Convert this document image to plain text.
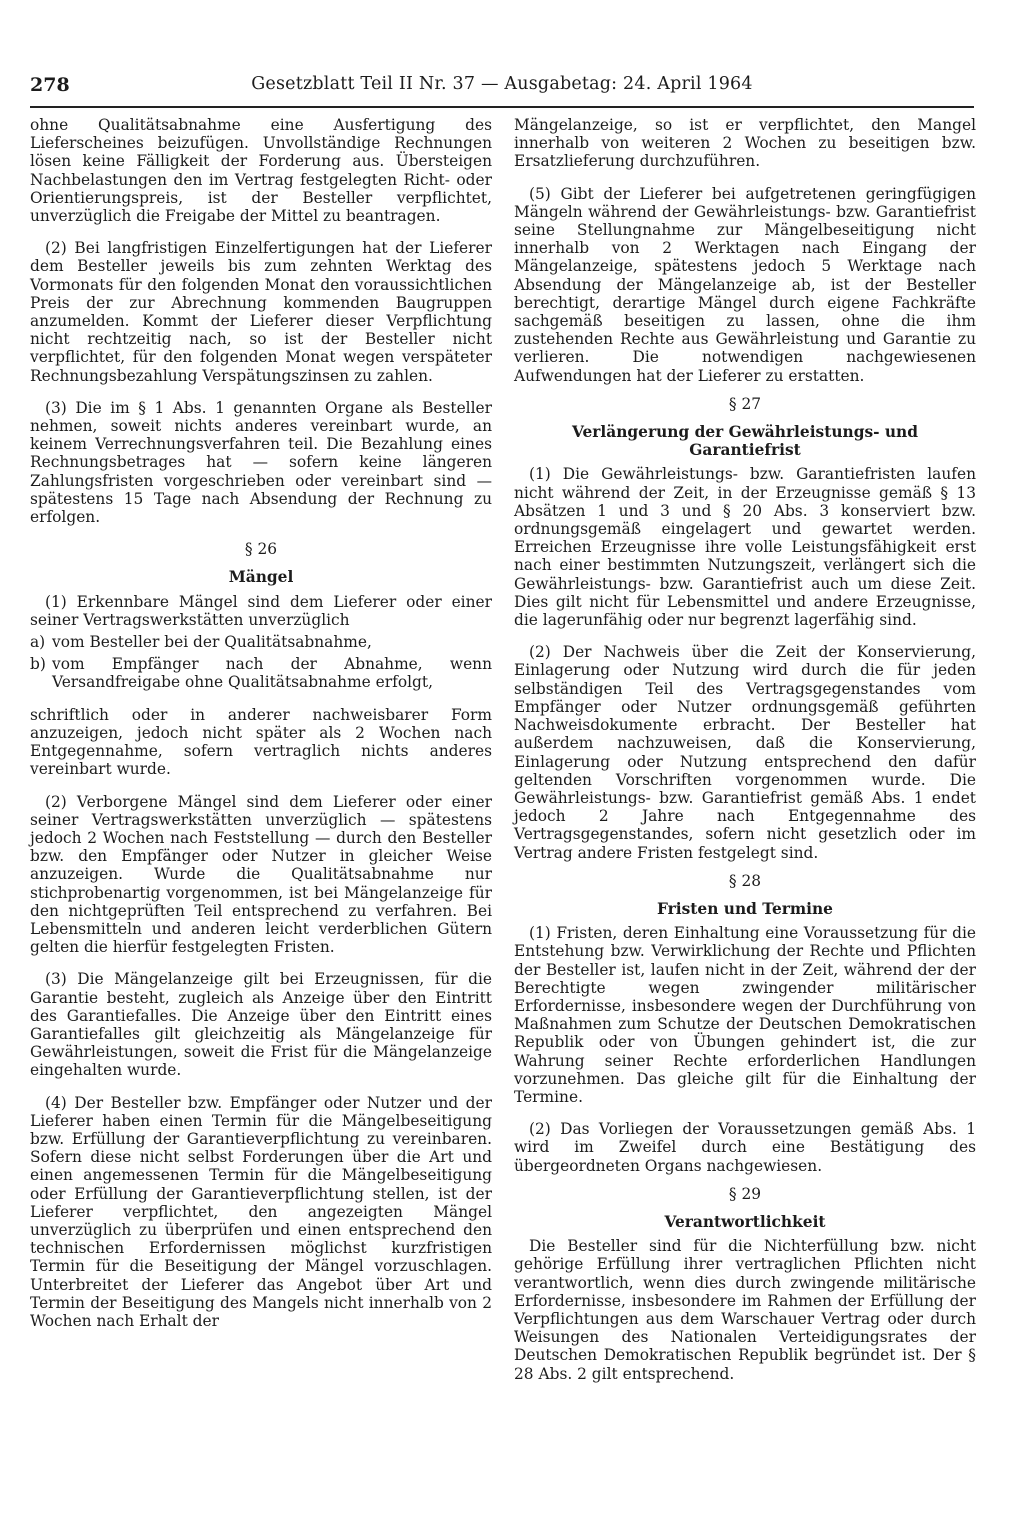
278	Gesetzblatt Teil II Nr. 37 — Ausgabetag: 24. April 1964

ohne Qualitätsabnahme eine Ausfertigung des Lieferscheines beizufügen. Unvollständige Rechnungen lösen keine Fälligkeit der Forderung aus. Übersteigen Nachbelastungen den im Vertrag festgelegten Richt- oder Orientierungspreis, ist der Besteller verpflichtet, unverzüglich die Freigabe der Mittel zu beantragen.

(2) Bei langfristigen Einzelfertigungen hat der Lieferer dem Besteller jeweils bis zum zehnten Werktag des Vormonats für den folgenden Monat den voraussichtlichen Preis der zur Abrechnung kommenden Baugruppen anzumelden. Kommt der Lieferer dieser Verpflichtung nicht rechtzeitig nach, so ist der Besteller nicht verpflichtet, für den folgenden Monat wegen verspäteter Rechnungsbezahlung Verspätungszinsen zu zahlen.

(3) Die im § 1 Abs. 1 genannten Organe als Besteller nehmen, soweit nichts anderes vereinbart wurde, an keinem Verrechnungsverfahren teil. Die Bezahlung eines Rechnungsbetrages hat — sofern keine längeren Zahlungsfristen vorgeschrieben oder vereinbart sind — spätestens 15 Tage nach Absendung der Rechnung zu erfolgen.

§ 26

Mängel

(1) Erkennbare Mängel sind dem Lieferer oder einer seiner Vertragswerkstätten unverzüglich

a) vom Besteller bei der Qualitätsabnahme,
b) vom Empfänger nach der Abnahme, wenn Versandfreigabe ohne Qualitätsabnahme erfolgt,

schriftlich oder in anderer nachweisbarer Form anzuzeigen, jedoch nicht später als 2 Wochen nach Entgegennahme, sofern vertraglich nichts anderes vereinbart wurde.

(2) Verborgene Mängel sind dem Lieferer oder einer seiner Vertragswerkstätten unverzüglich — spätestens jedoch 2 Wochen nach Feststellung — durch den Besteller bzw. den Empfänger oder Nutzer in gleicher Weise anzuzeigen. Wurde die Qualitätsabnahme nur stichprobenartig vorgenommen, ist bei Mängelanzeige für den nichtgeprüften Teil entsprechend zu verfahren. Bei Lebensmitteln und anderen leicht verderblichen Gütern gelten die hierfür festgelegten Fristen.

(3) Die Mängelanzeige gilt bei Erzeugnissen, für die Garantie besteht, zugleich als Anzeige über den Eintritt des Garantiefalles. Die Anzeige über den Eintritt eines Garantiefalles gilt gleichzeitig als Mängelanzeige für Gewährleistungen, soweit die Frist für die Mängelanzeige eingehalten wurde.

(4) Der Besteller bzw. Empfänger oder Nutzer und der Lieferer haben einen Termin für die Mängelbeseitigung bzw. Erfüllung der Garantieverpflichtung zu vereinbaren. Sofern diese nicht selbst Forderungen über die Art und einen angemessenen Termin für die Mängelbeseitigung oder Erfüllung der Garantieverpflichtung stellen, ist der Lieferer verpflichtet, den angezeigten Mängel unverzüglich zu überprüfen und einen entsprechend den technischen Erfordernissen möglichst kurzfristigen Termin für die Beseitigung der Mängel vorzuschlagen. Unterbreitet der Lieferer das Angebot über Art und Termin der Beseitigung des Mangels nicht innerhalb von 2 Wochen nach Erhalt der

Mängelanzeige, so ist er verpflichtet, den Mangel innerhalb von weiteren 2 Wochen zu beseitigen bzw. Ersatzlieferung durchzuführen.

(5) Gibt der Lieferer bei aufgetretenen geringfügigen Mängeln während der Gewährleistungs- bzw. Garantiefrist seine Stellungnahme zur Mängelbeseitigung nicht innerhalb von 2 Werktagen nach Eingang der Mängelanzeige, spätestens jedoch 5 Werktage nach Absendung der Mängelanzeige ab, ist der Besteller berechtigt, derartige Mängel durch eigene Fachkräfte sachgemäß beseitigen zu lassen, ohne die ihm zustehenden Rechte aus Gewährleistung und Garantie zu verlieren. Die notwendigen nachgewiesenen Aufwendungen hat der Lieferer zu erstatten.

§ 27

Verlängerung der Gewährleistungs- und Garantiefrist

(1) Die Gewährleistungs- bzw. Garantiefristen laufen nicht während der Zeit, in der Erzeugnisse gemäß § 13 Absätzen 1 und 3 und § 20 Abs. 3 konserviert bzw. ordnungsgemäß eingelagert und gewartet werden. Erreichen Erzeugnisse ihre volle Leistungsfähigkeit erst nach einer bestimmten Nutzungszeit, verlängert sich die Gewährleistungs- bzw. Garantiefrist auch um diese Zeit. Dies gilt nicht für Lebensmittel und andere Erzeugnisse, die lagerunfähig oder nur begrenzt lagerfähig sind.

(2) Der Nachweis über die Zeit der Konservierung, Einlagerung oder Nutzung wird durch die für jeden selbständigen Teil des Vertragsgegenstandes vom Empfänger oder Nutzer ordnungsgemäß geführten Nachweisdokumente erbracht. Der Besteller hat außerdem nachzuweisen, daß die Konservierung, Einlagerung oder Nutzung entsprechend den dafür geltenden Vorschriften vorgenommen wurde. Die Gewährleistungs- bzw. Garantiefrist gemäß Abs. 1 endet jedoch 2 Jahre nach Entgegennahme des Vertragsgegenstandes, sofern nicht gesetzlich oder im Vertrag andere Fristen festgelegt sind.

§ 28

Fristen und Termine

(1) Fristen, deren Einhaltung eine Voraussetzung für die Entstehung bzw. Verwirklichung der Rechte und Pflichten der Besteller ist, laufen nicht in der Zeit, während der der Berechtigte wegen zwingender militärischer Erfordernisse, insbesondere wegen der Durchführung von Maßnahmen zum Schutze der Deutschen Demokratischen Republik oder von Übungen gehindert ist, die zur Wahrung seiner Rechte erforderlichen Handlungen vorzunehmen. Das gleiche gilt für die Einhaltung der Termine.

(2) Das Vorliegen der Voraussetzungen gemäß Abs. 1 wird im Zweifel durch eine Bestätigung des übergeordneten Organs nachgewiesen.

§ 29

Verantwortlichkeit

Die Besteller sind für die Nichterfüllung bzw. nicht gehörige Erfüllung ihrer vertraglichen Pflichten nicht verantwortlich, wenn dies durch zwingende militärische Erfordernisse, insbesondere im Rahmen der Erfüllung der Verpflichtungen aus dem Warschauer Vertrag oder durch Weisungen des Nationalen Verteidigungsrates der Deutschen Demokratischen Republik begründet ist. Der § 28 Abs. 2 gilt entsprechend.
